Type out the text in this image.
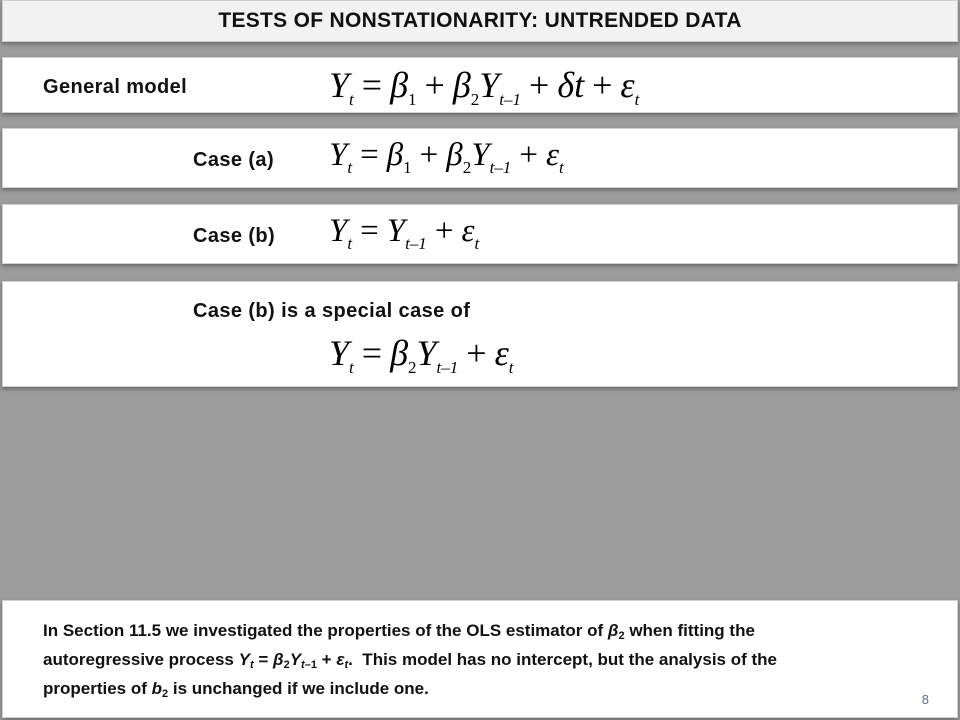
TESTS OF NONSTATIONARITY: UNTRENDED DATA
General model	$Y_t = \beta_1 + \beta_2Y_{t-1} + \delta t + \varepsilon_t$
Case (a) $Y_t = \beta_1 + \beta_2Y_{t-1} + \varepsilon_t$
Case (b) $Y_t = Y_{t-1} + \varepsilon_t$
Case (b) is a special case of
$Y_t = \beta_2Y_{t-1} + \varepsilon_t$
In Section 11.5 we investigated the properties of the OLS estimator of $\beta_2$ when fitting the
autoregressive process $Y_t = \beta_2Y_{t-1} + \varepsilon_t$.  This model has no intercept, but the analysis of the
properties of $b_2$ is unchanged if we include one.
8
